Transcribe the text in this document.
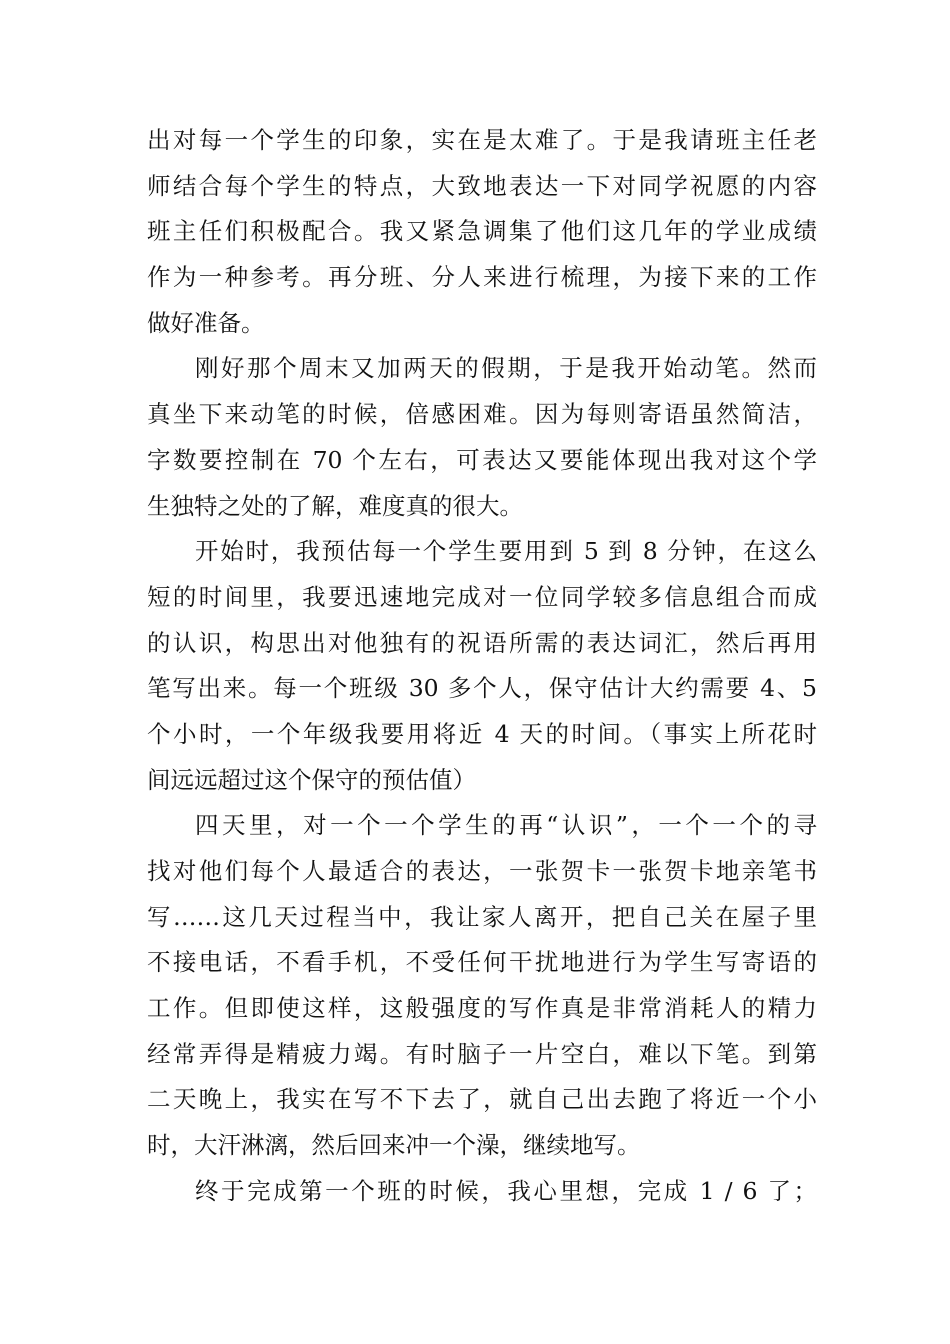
出对每一个学生的印象，实在是太难了。于是我请班主任老
师结合每个学生的特点，大致地表达一下对同学祝愿的内容
班主任们积极配合。我又紧急调集了他们这几年的学业成绩
作为一种参考。再分班、分人来进行梳理，为接下来的工作
做好准备。
刚好那个周末又加两天的假期，于是我开始动笔。然而
真坐下来动笔的时候，倍感困难。因为每则寄语虽然简洁，
字数要控制在 70 个左右，可表达又要能体现出我对这个学
生独特之处的了解，难度真的很大。
开始时，我预估每一个学生要用到 5 到 8 分钟，在这么
短的时间里，我要迅速地完成对一位同学较多信息组合而成
的认识，构思出对他独有的祝语所需的表达词汇，然后再用
笔写出来。每一个班级 30 多个人，保守估计大约需要 4、5
个小时，一个年级我要用将近 4 天的时间。（事实上所花时
间远远超过这个保守的预估值）
四天里，对一个一个学生的再“认识”，一个一个的寻
找对他们每个人最适合的表达，一张贺卡一张贺卡地亲笔书
写……这几天过程当中，我让家人离开，把自己关在屋子里
不接电话，不看手机，不受任何干扰地进行为学生写寄语的
工作。但即使这样，这般强度的写作真是非常消耗人的精力
经常弄得是精疲力竭。有时脑子一片空白，难以下笔。到第
二天晚上，我实在写不下去了，就自己出去跑了将近一个小
时，大汗淋漓，然后回来冲一个澡，继续地写。
终于完成第一个班的时候，我心里想，完成 1 / 6 了；
